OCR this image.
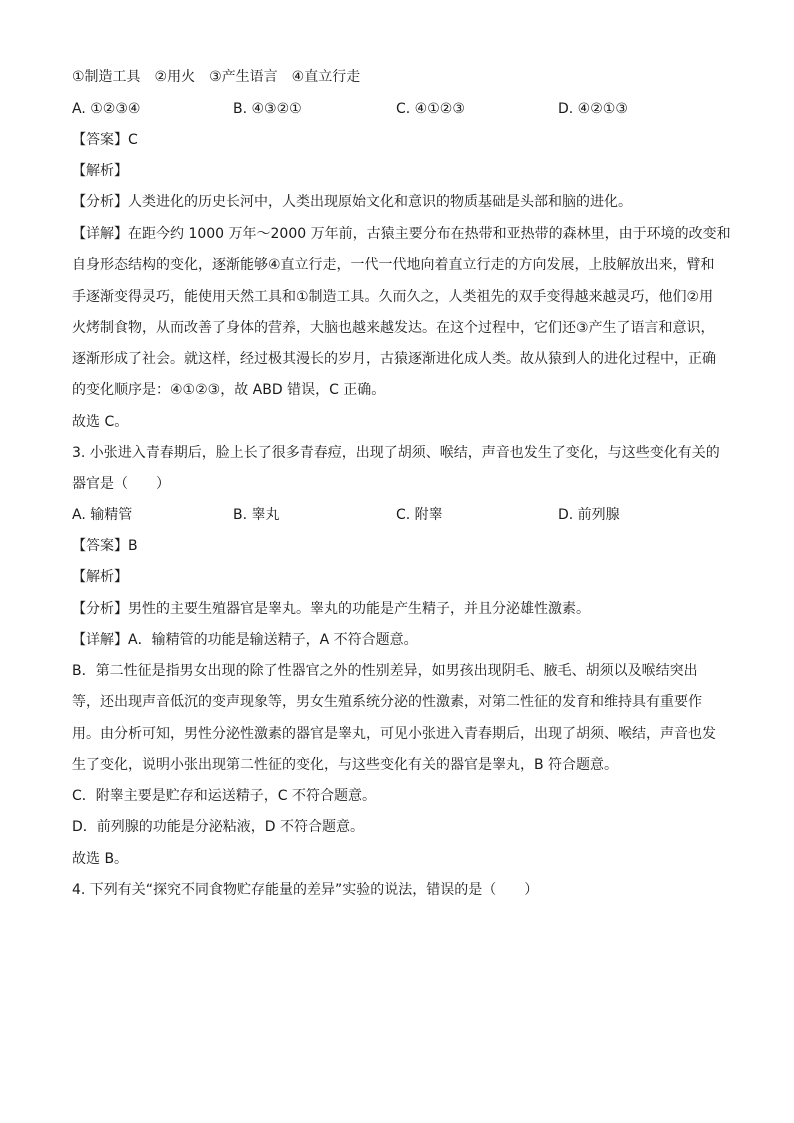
①制造工具　②用火　③产生语言　④直立行走
A. ①②③④	B. ④③②①	C. ④①②③	D. ④②①③
【答案】C
【解析】
【分析】人类进化的历史长河中，人类出现原始文化和意识的物质基础是头部和脑的进化。
【详解】在距今约 1000 万年～2000 万年前，古猿主要分布在热带和亚热带的森林里，由于环境的改变和
自身形态结构的变化，逐渐能够④直立行走，一代一代地向着直立行走的方向发展，上肢解放出来，臂和
手逐渐变得灵巧，能使用天然工具和①制造工具。久而久之，人类祖先的双手变得越来越灵巧，他们②用
火烤制食物，从而改善了身体的营养，大脑也越来越发达。在这个过程中，它们还③产生了语言和意识，
逐渐形成了社会。就这样，经过极其漫长的岁月，古猿逐渐进化成人类。故从猿到人的进化过程中，正确
的变化顺序是：④①②③，故 ABD 错误，C 正确。
故选 C。
3. 小张进入青春期后，脸上长了很多青春痘，出现了胡须、喉结，声音也发生了变化，与这些变化有关的
器官是（　　）
A. 输精管	B. 睾丸	C. 附睾	D. 前列腺
【答案】B
【解析】
【分析】男性的主要生殖器官是睾丸。睾丸的功能是产生精子，并且分泌雄性激素。
【详解】A．输精管的功能是输送精子，A 不符合题意。
B．第二性征是指男女出现的除了性器官之外的性别差异，如男孩出现阴毛、腋毛、胡须以及喉结突出
等，还出现声音低沉的变声现象等，男女生殖系统分泌的性激素，对第二性征的发育和维持具有重要作
用。由分析可知，男性分泌性激素的器官是睾丸，可见小张进入青春期后，出现了胡须、喉结，声音也发
生了变化，说明小张出现第二性征的变化，与这些变化有关的器官是睾丸，B 符合题意。
C．附睾主要是贮存和运送精子，C 不符合题意。
D．前列腺的功能是分泌粘液，D 不符合题意。
故选 B。
4. 下列有关“探究不同食物贮存能量的差异”实验的说法，错误的是（　　）
